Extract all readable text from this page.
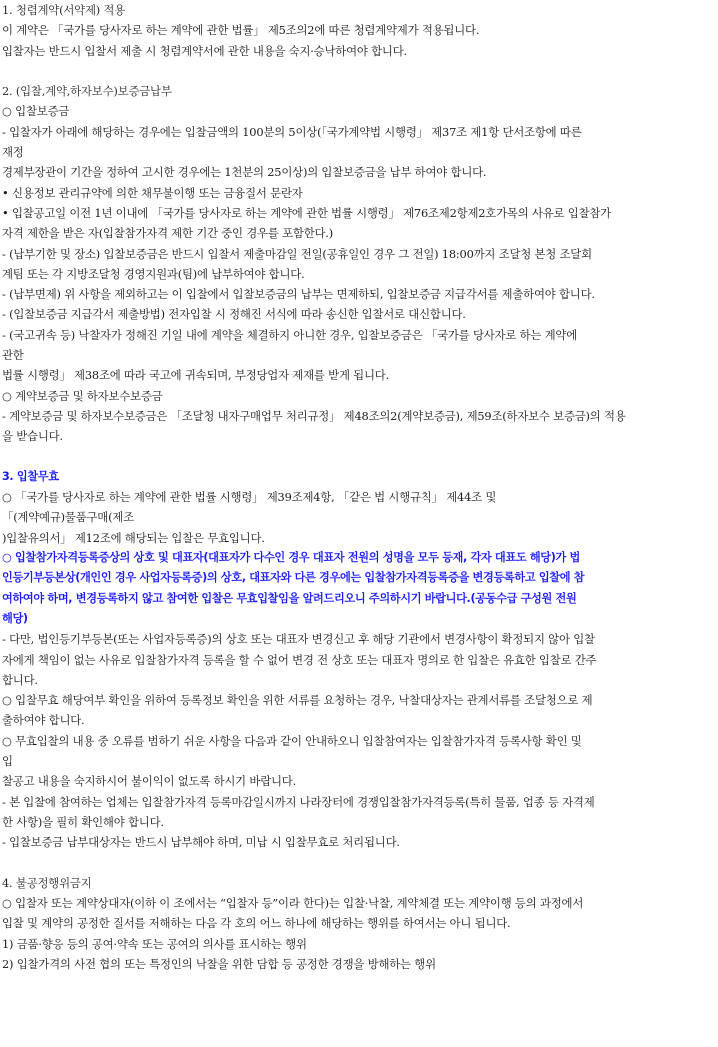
1. 청렴계약(서약제) 적용
이 계약은 「국가를 당사자로 하는 계약에 관한 법률」 제5조의2에 따른 청렴계약제가 적용됩니다.
입찰자는 반드시 입찰서 제출 시 청렴계약서에 관한 내용을 숙지·승낙하여야 합니다.
2. (입찰,계약,하자보수)보증금납부
○ 입찰보증금
- 입찰자가 아래에 해당하는 경우에는 입찰금액의 100분의 5이상(「국가계약법 시행령」 제37조 제1항 단서조항에 따른
재정
경제부장관이 기간을 정하여 고시한 경우에는 1천분의 25이상)의 입찰보증금을 납부 하여야 합니다.
• 신용정보 관리규약에 의한 채무불이행 또는 금융질서 문란자
• 입찰공고일 이전 1년 이내에 「국가를 당사자로 하는 계약에 관한 법률 시행령」 제76조제2항제2호가목의 사유로 입찰참가
자격 제한을 받은 자(입찰참가자격 제한 기간 중인 경우를 포함한다.)
- (납부기한 및 장소) 입찰보증금은 반드시 입찰서 제출마감일 전일(공휴일인 경우 그 전일) 18:00까지 조달청 본청 조달회
계팀 또는 각 지방조달청 경영지원과(팀)에 납부하여야 합니다.
- (납부면제) 위 사항을 제외하고는 이 입찰에서 입찰보증금의 납부는 면제하되, 입찰보증금 지급각서를 제출하여야 합니다.
- (입찰보증금 지급각서 제출방법) 전자입찰 시 정해진 서식에 따라 송신한 입찰서로 대신합니다.
- (국고귀속 등) 낙찰자가 정해진 기일 내에 계약을 체결하지 아니한 경우, 입찰보증금은 「국가를 당사자로 하는 계약에
관한
법률 시행령」 제38조에 따라 국고에 귀속되며, 부정당업자 제재를 받게 됩니다.
○ 계약보증금 및 하자보수보증금
- 계약보증금 및 하자보수보증금은 「조달청 내자구매업무 처리규정」 제48조의2(계약보증금), 제59조(하자보수 보증금)의 적용
을 받습니다.
3. 입찰무효
○ 「국가를 당사자로 하는 계약에 관한 법률 시행령」 제39조제4항, 「같은 법 시행규칙」 제44조 및
「(계약예규)물품구매(제조
)입찰유의서」 제12조에 해당되는 입찰은 무효입니다.
○ 입찰참가자격등록증상의 상호 및 대표자(대표자가 다수인 경우 대표자 전원의 성명을 모두 등재, 각자 대표도 해당)가 법
인등기부등본상(개인인 경우 사업자등록증)의 상호, 대표자와 다른 경우에는 입찰참가자격등록증을 변경등록하고 입찰에 참
여하여야 하며, 변경등록하지 않고 참여한 입찰은 무효입찰임을 알려드리오니 주의하시기 바랍니다.(공동수급 구성원 전원
해당)
- 다만, 법인등기부등본(또는 사업자등록증)의 상호 또는 대표자 변경신고 후 해당 기관에서 변경사항이 확정되지 않아 입찰
자에게 책임이 없는 사유로 입찰참가자격 등록을 할 수 없어 변경 전 상호 또는 대표자 명의로 한 입찰은 유효한 입찰로 간주
합니다.
○ 입찰무효 해당여부 확인을 위하여 등록정보 확인을 위한 서류를 요청하는 경우, 낙찰대상자는 관계서류를 조달청으로 제
출하여야 합니다.
○ 무효입찰의 내용 중 오류를 범하기 쉬운 사항을 다음과 같이 안내하오니 입찰참여자는 입찰참가자격 등록사항 확인 및
입
찰공고 내용을 숙지하시어 불이익이 없도록 하시기 바랍니다.
- 본 입찰에 참여하는 업체는 입찰참가자격 등록마감일시까지 나라장터에 경쟁입찰참가자격등록(특히 물품, 업종 등 자격제
한 사항)을 필히 확인해야 합니다.
- 입찰보증금 납부대상자는 반드시 납부해야 하며, 미납 시 입찰무효로 처리됩니다.
4. 불공정행위금지
○ 입찰자 또는 계약상대자(이하 이 조에서는 “입찰자 등”이라 한다)는 입찰·낙찰, 계약체결 또는 계약이행 등의 과정에서
입찰 및 계약의 공정한 질서를 저해하는 다음 각 호의 어느 하나에 해당하는 행위를 하여서는 아니 됩니다.
1) 금품·향응 등의 공여·약속 또는 공여의 의사를 표시하는 행위
2) 입찰가격의 사전 협의 또는 특정인의 낙찰을 위한 담합 등 공정한 경쟁을 방해하는 행위
